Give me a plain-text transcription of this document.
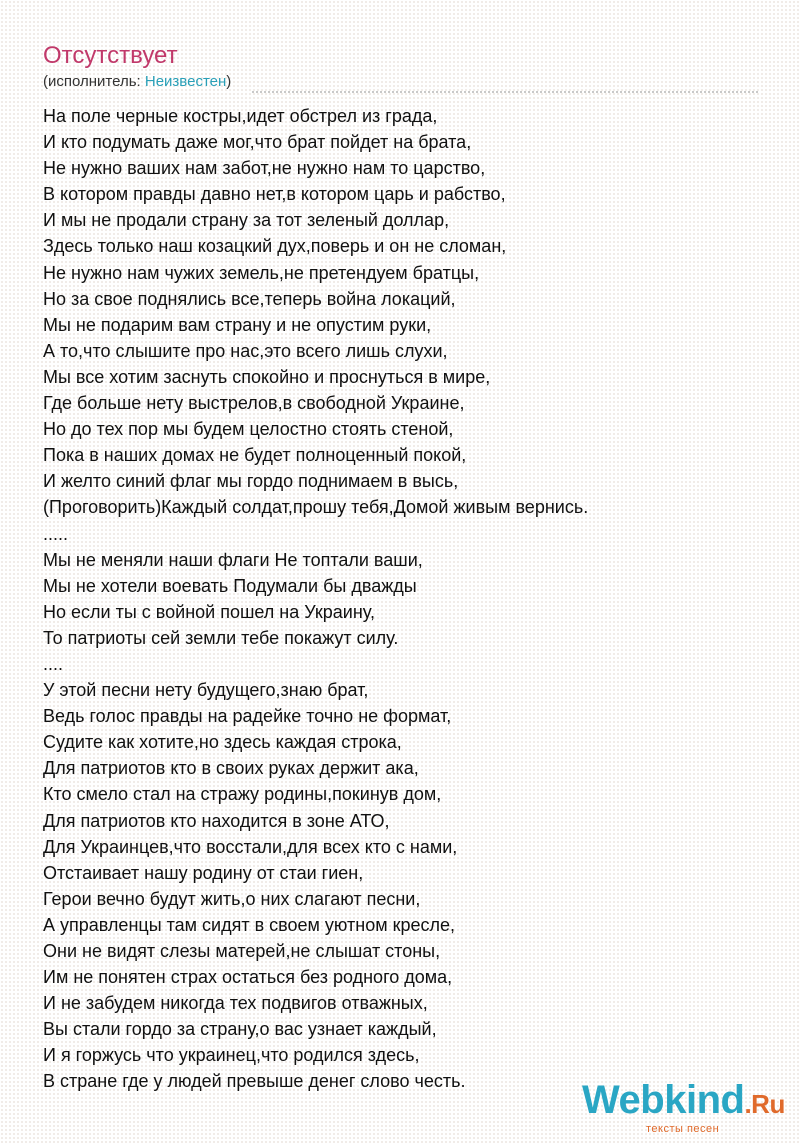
Отсутствует
(исполнитель: Неизвестен)
На поле черные костры,идет обстрел из града,
И кто подумать даже мог,что брат пойдет на брата,
Не нужно ваших нам забот,не нужно нам то царство,
В котором правды давно нет,в котором царь и рабство,
И мы не продали страну за тот зеленый доллар,
Здесь только наш козацкий дух,поверь и он не сломан,
Не нужно нам чужих земель,не претендуем братцы,
Но за свое поднялись все,теперь война локаций,
Мы не подарим вам страну и не опустим руки,
А то,что слышите про нас,это всего лишь слухи,
Мы все хотим заснуть спокойно и проснуться в мире,
Где больше нету выстрелов,в свободной Украине,
Но до тех пор мы будем целостно стоять стеной,
Пока в наших домах не будет полноценный покой,
И желто синий флаг мы гордо поднимаем в высь,
(Проговорить)Каждый солдат,прошу тебя,Домой живым вернись.
.....
Мы не меняли наши флаги Не топтали ваши,
Мы не хотели воевать Подумали бы дважды
Но если ты с войной пошел на Украину,
То патриоты сей земли тебе покажут силу.
....
У этой песни нету будущего,знаю брат,
Ведь голос правды на радейке точно не формат,
Судите как хотите,но здесь каждая строка,
Для патриотов кто в своих руках держит ака,
Кто смело стал на стражу родины,покинув дом,
Для патриотов кто находится в зоне АТО,
Для Украинцев,что восстали,для всех кто с нами,
Отстаивает нашу родину от стаи гиен,
Герои вечно будут жить,о них слагают песни,
А управленцы там сидят в своем уютном кресле,
Они не видят слезы матерей,не слышат стоны,
Им не понятен страх остаться без родного дома,
И не забудем никогда тех подвигов отважных,
Вы стали гордо за страну,о вас узнает каждый,
И я горжусь что украинец,что родился здесь,
В стране где у людей превыше денег слово честь.	Webkind.Ru
тексты песен
